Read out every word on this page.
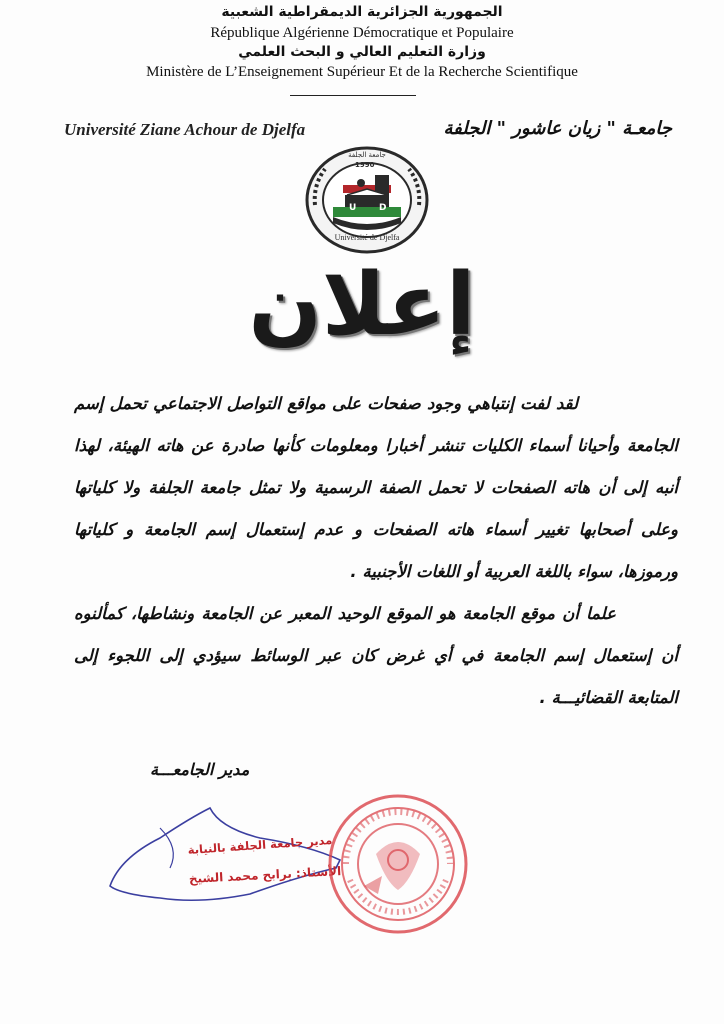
الجمهورية الجزائرية الديمقراطية الشعبية
République Algérienne Démocratique et Populaire
وزارة التعليم العالي و البحث العلمي
Ministère de L’Enseignement Supérieur Et de la Recherche Scientifique
Université Ziane Achour de Djelfa	جامعـة " زيان عاشور " الجلفة
1990
جامعة الجلفة
U	D
Université de Djelfa
إعلان

لقد لفت إنتباهي وجود صفحات على مواقع التواصل الاجتماعي تحمل إسم الجامعة وأحيانا أسماء الكليات تنشر أخبارا ومعلومات كأنها صادرة عن هاته الهيئة، لهذا أنبه إلى أن هاته الصفحات لا تحمل الصفة الرسمية ولا تمثل جامعة الجلفة ولا كلياتها وعلى أصحابها تغيير أسماء هاته الصفحات و عدم إستعمال إسم الجامعة و كلياتها ورموزها، سواء باللغة العربية أو اللغات الأجنبية .

علما أن موقع الجامعة هو الموقع الوحيد المعبر عن الجامعة ونشاطها، كمألنوه أن إستعمال إسم الجامعة في أي غرض كان عبر الوسائط سيؤدي إلى اللجوء إلى المتابعة القضائيـــة .

مدير الجامعـــة
مدير جامعة الجلفة بالنيابة
الأستاذ: برابح محمد الشيخ
